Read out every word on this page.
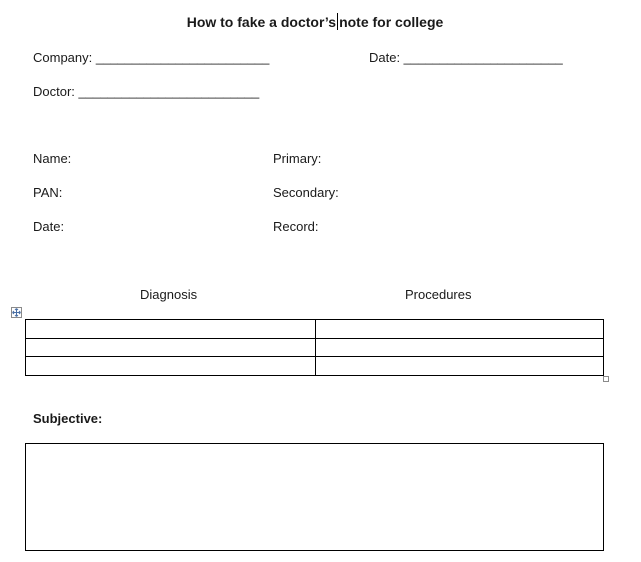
How to fake a doctor’s note for college
Company: ________________________	Date: ______________________
Doctor: _________________________
Name:	Primary:
PAN:	Secondary:
Date:	Record:
Diagnosis	Procedures

Subjective:
